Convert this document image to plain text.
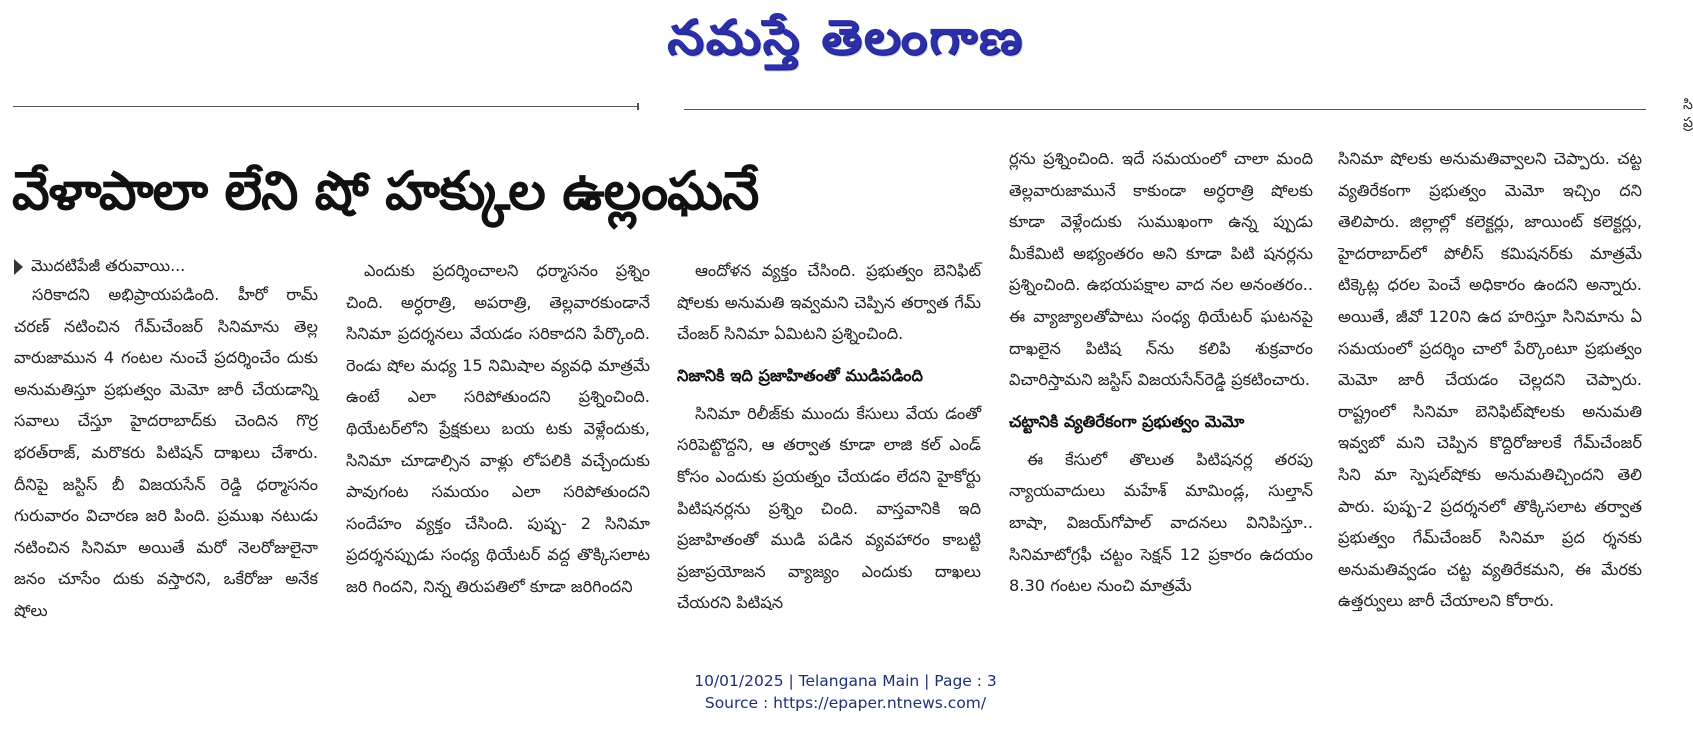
నమస్తే తెలంగాణ
సి ప్ర
వేళాపాలా లేని షో హక్కుల ఉల్లంఘనే
మొదటిపేజీ తరువాయి...

సరికాదని అభిప్రాయపడింది. హీరో రామ్ చరణ్ నటించిన గేమ్‌చేంజర్ సినిమాను తెల్ల వారుజామున 4 గంటల నుంచే ప్రదర్శించేం దుకు అనుమతిస్తూ ప్రభుత్వం మెమో జారీ చేయడాన్ని సవాలు చేస్తూ హైదరాబాద్‌కు చెందిన గొర్ర భరత్‌రాజ్, మరొకరు పిటిషన్ దాఖలు చేశారు. దీనిపై జస్టిస్ బీ విజయసేన్ రెడ్డి ధర్మాసనం గురువారం విచారణ జరి పింది. ప్రముఖ నటుడు నటించిన సినిమా అయితే మరో నెలరోజులైనా జనం చూసేం దుకు వస్తారని, ఒకేరోజు అనేక షోలు

ఎందుకు ప్రదర్శించాలని ధర్మాసనం ప్రశ్నిం చింది. అర్ధరాత్రి, అపరాత్రి, తెల్లవారకుండానే సినిమా ప్రదర్శనలు వేయడం సరికాదని పేర్కొంది. రెండు షోల మధ్య 15 నిమిషాల వ్యవధి మాత్రమే ఉంటే ఎలా సరిపోతుందని ప్రశ్నించింది. థియేటర్‌లోని ప్రేక్షకులు బయ టకు వెళ్లేందుకు, సినిమా చూడాల్సిన వాళ్లు లోపలికి వచ్చేందుకు పావుగంట సమయం ఎలా సరిపోతుందని సందేహం వ్యక్తం చేసింది. పుష్ప- 2 సినిమా ప్రదర్శనప్పుడు సంధ్య థియేటర్ వద్ద తొక్కిసలాట జరి గిందని, నిన్న తిరుపతిలో కూడా జరిగిందని

ఆందోళన వ్యక్తం చేసింది. ప్రభుత్వం బెనిఫిట్ షోలకు అనుమతి ఇవ్వమని చెప్పిన తర్వాత గేమ్ చేంజర్ సినిమా ఏమిటని ప్రశ్నించింది.

నిజానికి ఇది ప్రజాహితంతో ముడిపడింది

సినిమా రిలీజ్‌కు ముందు కేసులు వేయ డంతో సరిపెట్టొద్దని, ఆ తర్వాత కూడా లాజి కల్ ఎండ్ కోసం ఎందుకు ప్రయత్నం చేయడం లేదని హైకోర్టు పిటిషనర్లను ప్రశ్నిం చింది. వాస్తవానికి ఇది ప్రజాహితంతో ముడి పడిన వ్యవహారం కాబట్టి ప్రజాప్రయోజన వ్యాజ్యం ఎందుకు దాఖలు చేయరని పిటిషన

ర్లను ప్రశ్నించింది. ఇదే సమయంలో చాలా మంది తెల్లవారుజామునే కాకుండా అర్ధరాత్రి షోలకు కూడా వెళ్లేందుకు సుముఖంగా ఉన్న ప్పుడు మీకేమిటి అభ్యంతరం అని కూడా పిటి షనర్లను ప్రశ్నించింది. ఉభయపక్షాల వాద నల అనంతరం.. ఈ వ్యాజ్యాలతోపాటు సంధ్య థియేటర్ ఘటనపై దాఖలైన పిటిష న్‌ను కలిపి శుక్రవారం విచారిస్తామని జస్టిస్ విజయసేన్‌రెడ్డి ప్రకటించారు.

చట్టానికి వ్యతిరేకంగా ప్రభుత్వం మెమో

ఈ కేసులో తొలుత పిటిషనర్ల తరపు న్యాయవాదులు మహేశ్ మామిండ్ల, సుల్తాన్ బాషా, విజయ్‌గోపాల్ వాదనలు వినిపిస్తూ.. సినిమాటోగ్రఫీ చట్టం సెక్షన్ 12 ప్రకారం ఉదయం 8.30 గంటల నుంచి మాత్రమే

సినిమా షోలకు అనుమతివ్వాలని చెప్పారు. చట్ట వ్యతిరేకంగా ప్రభుత్వం మెమో ఇచ్చిం దని తెలిపారు. జిల్లాల్లో కలెక్టర్లు, జాయింట్ కలెక్టర్లు, హైదరాబాద్‌లో పోలీస్ కమిషనర్‌కు మాత్రమే టిక్కెట్ల ధరల పెంచే అధికారం ఉందని అన్నారు. అయితే, జీవో 120ని ఉద హరిస్తూ సినిమాను ఏ సమయంలో ప్రదర్శిం చాలో పేర్కొంటూ ప్రభుత్వం మెమో జారీ చేయడం చెల్లదని చెప్పారు. రాష్ట్రంలో సినిమా బెనిఫిట్‌షోలకు అనుమతి ఇవ్వబో మని చెప్పిన కొద్దిరోజులకే గేమ్‌చేంజర్ సిని మా స్పెషల్‌షోకు అనుమతిచ్చిందని తెలి పారు. పుష్ప-2 ప్రదర్శనలో తొక్కిసలాట తర్వాత ప్రభుత్వం గేమ్‌చేంజర్ సినిమా ప్రద ర్శనకు అనుమతివ్వడం చట్ట వ్యతిరేకమని, ఈ మేరకు ఉత్తర్వులు జారీ చేయాలని కోరారు.

10/01/2025 | Telangana Main | Page : 3
Source : https://epaper.ntnews.com/
